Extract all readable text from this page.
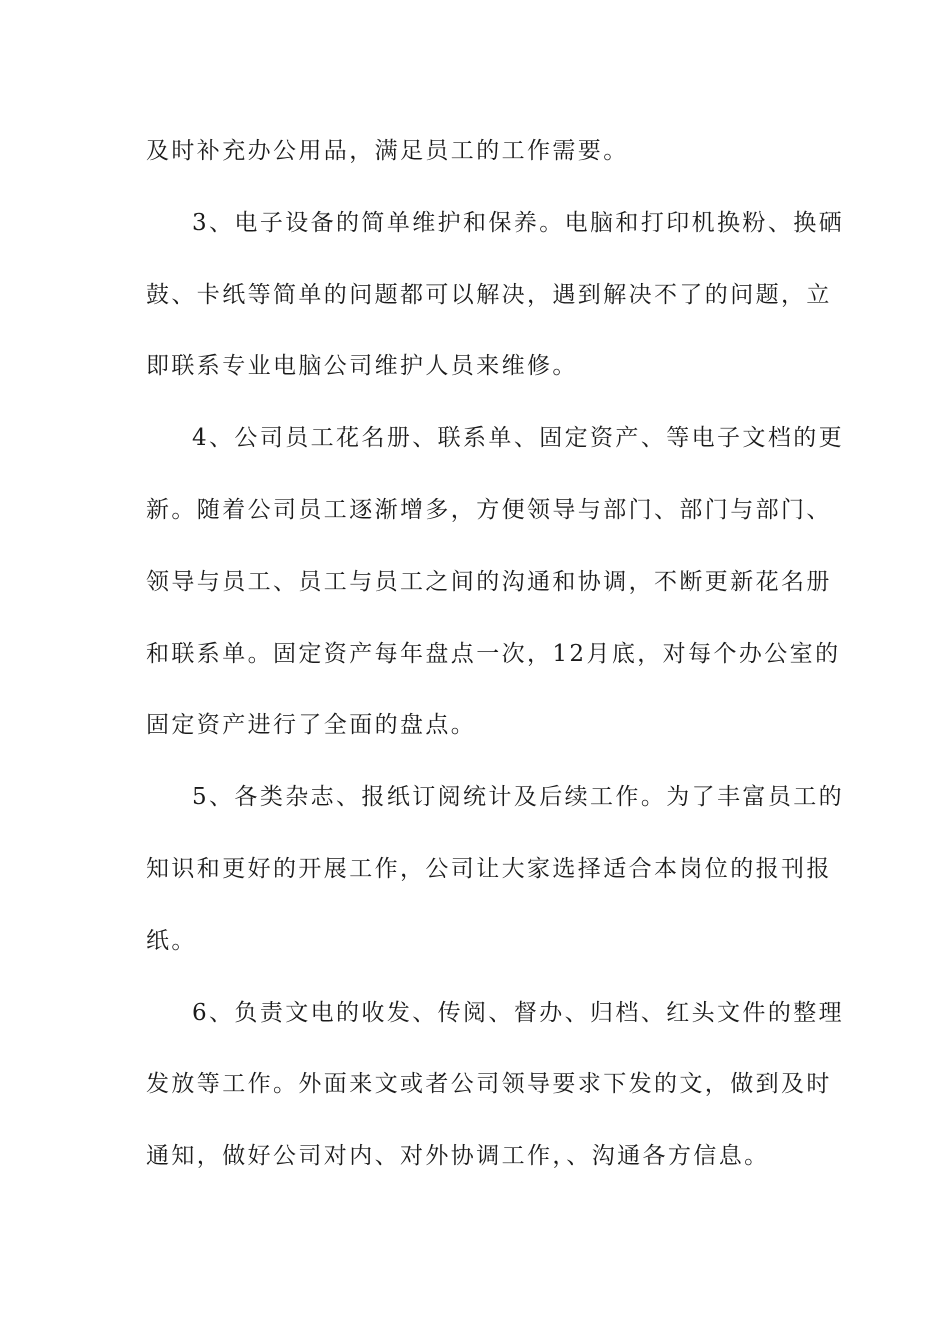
及时补充办公用品，满足员工的工作需要。
3、电子设备的简单维护和保养。电脑和打印机换粉、换硒
鼓、卡纸等简单的问题都可以解决，遇到解决不了的问题，立
即联系专业电脑公司维护人员来维修。
4、公司员工花名册、联系单、固定资产、等电子文档的更
新。随着公司员工逐渐增多，方便领导与部门、部门与部门、
领导与员工、员工与员工之间的沟通和协调，不断更新花名册
和联系单。固定资产每年盘点一次，12月底，对每个办公室的
固定资产进行了全面的盘点。
5、各类杂志、报纸订阅统计及后续工作。为了丰富员工的
知识和更好的开展工作，公司让大家选择适合本岗位的报刊报
纸。
6、负责文电的收发、传阅、督办、归档、红头文件的整理
发放等工作。外面来文或者公司领导要求下发的文，做到及时
通知，做好公司对内、对外协调工作，、沟通各方信息。
